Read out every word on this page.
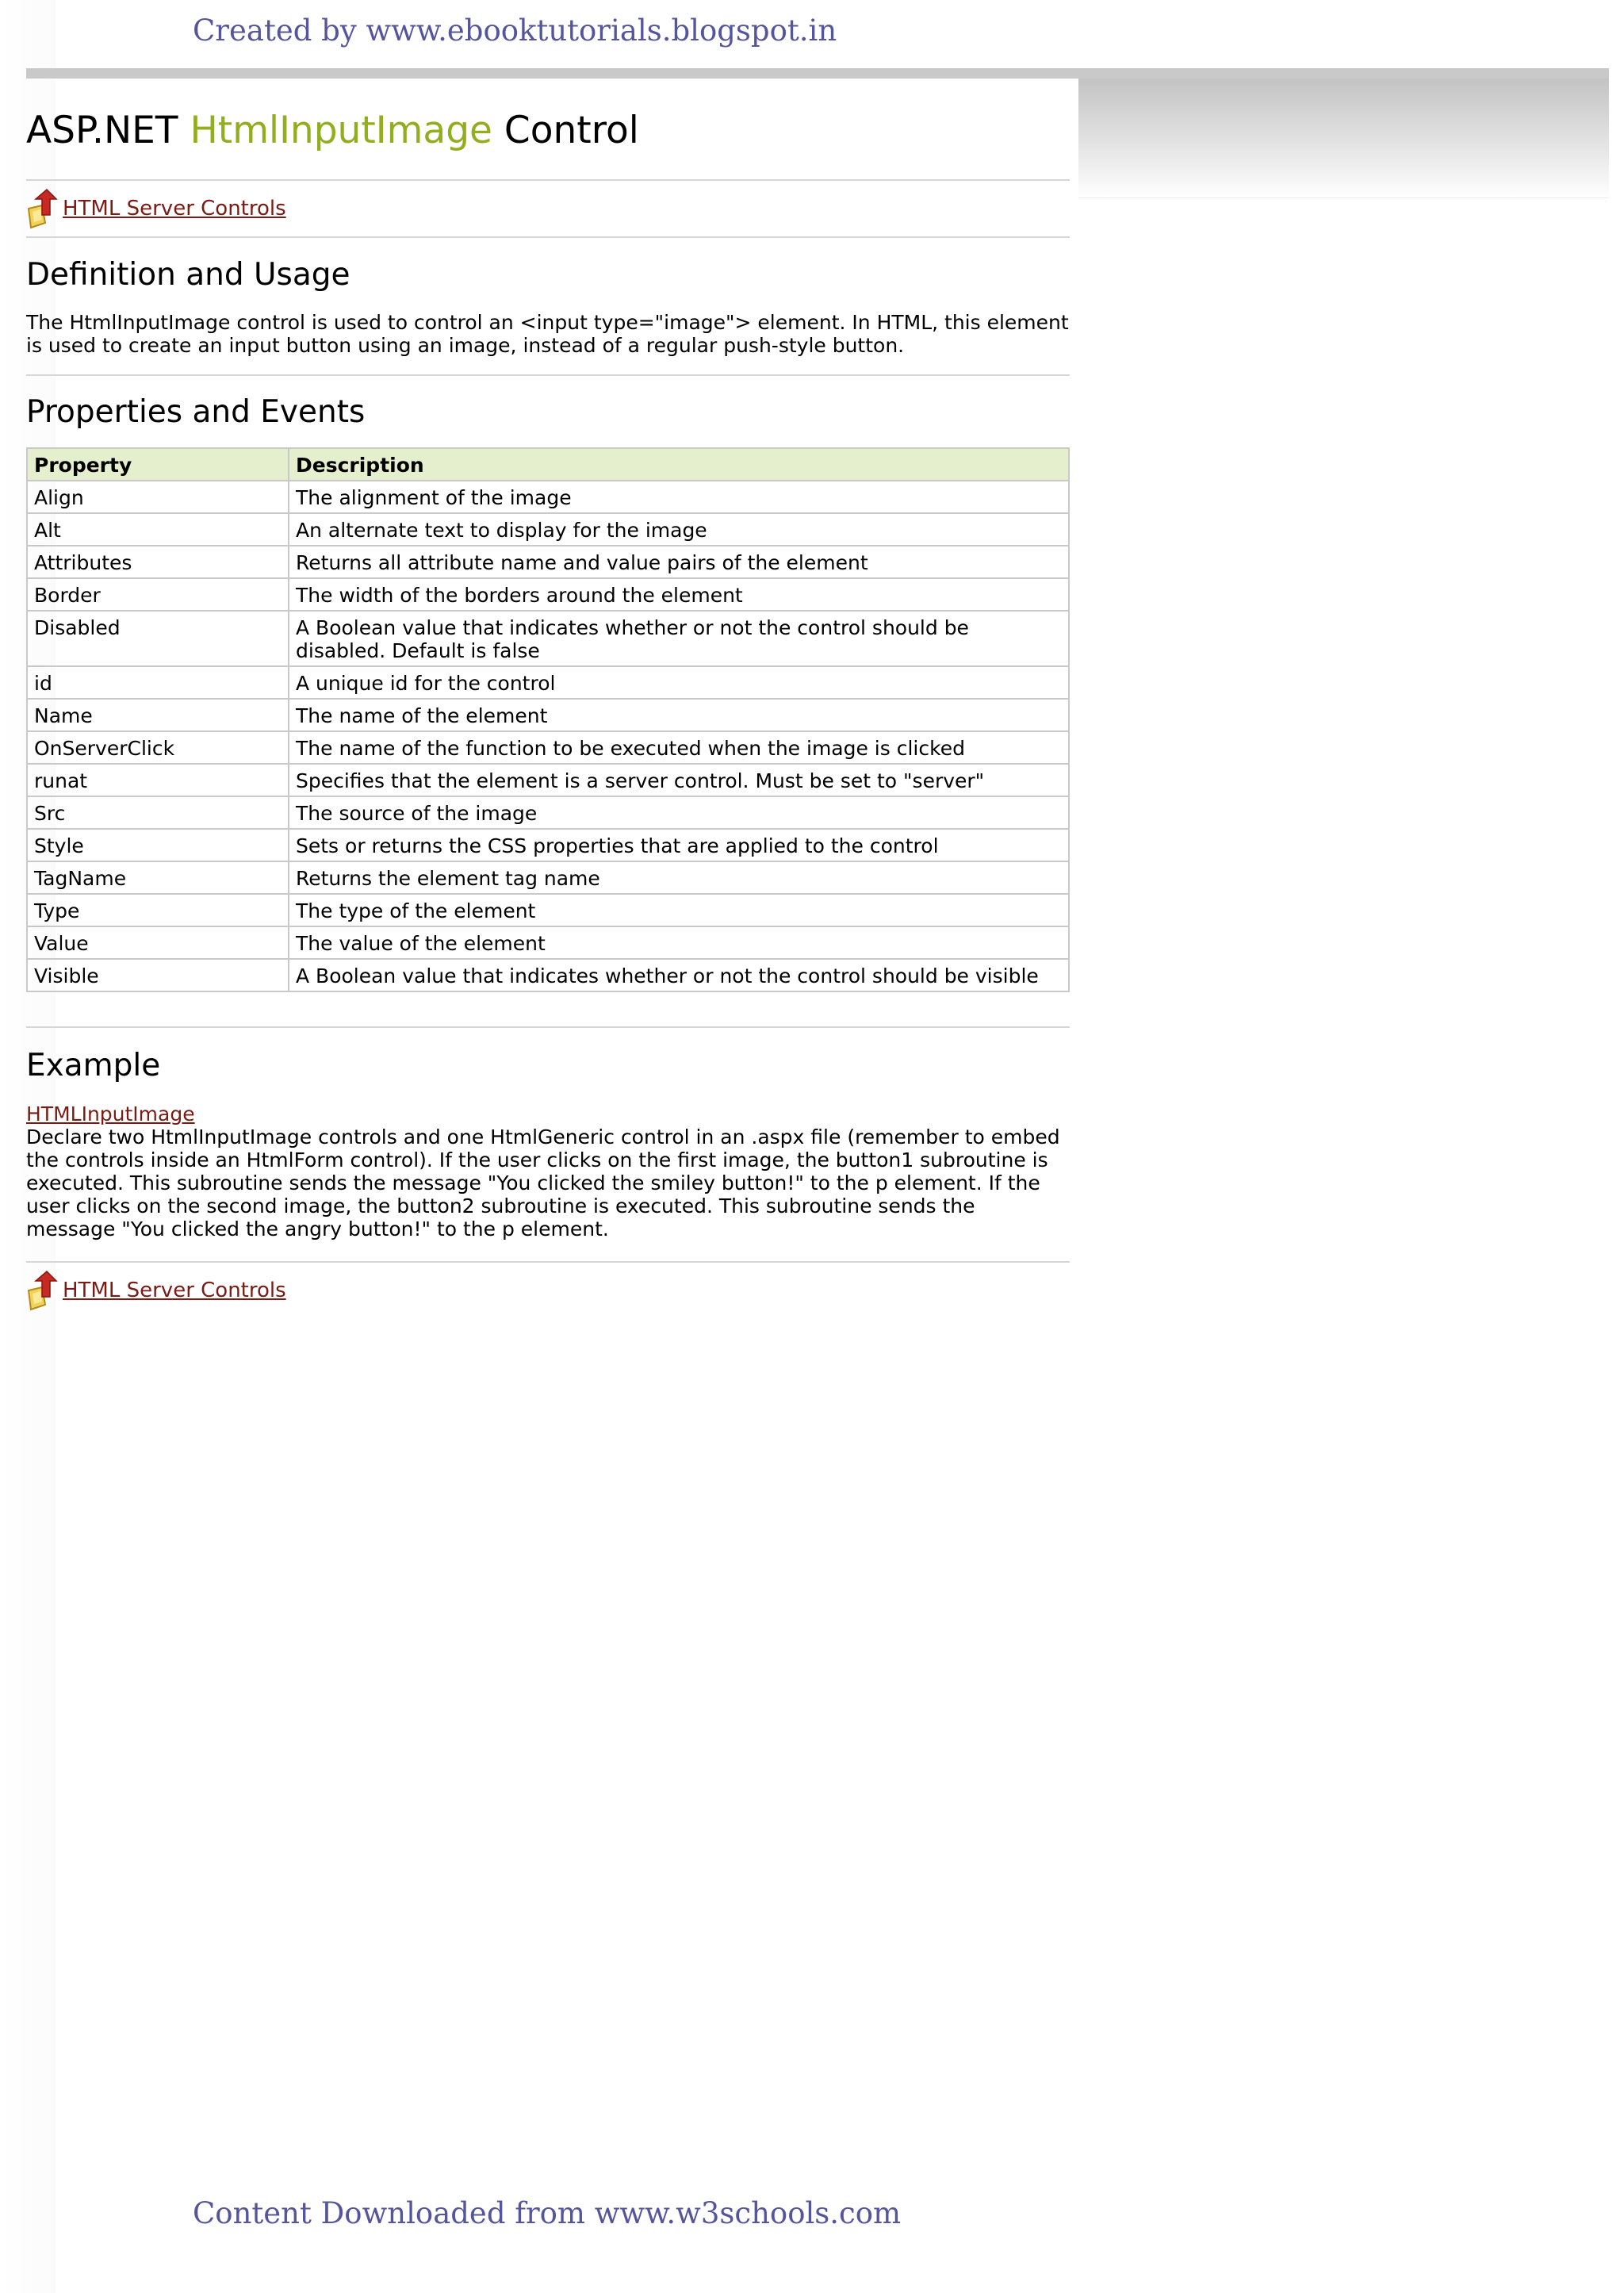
Created by www.ebooktutorials.blogspot.in

ASP.NET HtmlInputImage Control
HTML Server Controls
Definition and Usage

The HtmlInputImage control is used to control an <input type="image"> element. In HTML, this element is used to create an input button using an image, instead of a regular push-style button.

Properties and Events
Property	Description
Align	The alignment of the image
Alt	An alternate text to display for the image
Attributes	Returns all attribute name and value pairs of the element
Border	The width of the borders around the element
Disabled	A Boolean value that indicates whether or not the control should be disabled. Default is false
id	A unique id for the control
Name	The name of the element
OnServerClick	The name of the function to be executed when the image is clicked
runat	Specifies that the element is a server control. Must be set to "server"
Src	The source of the image
Style	Sets or returns the CSS properties that are applied to the control
TagName	Returns the element tag name
Type	The type of the element
Value	The value of the element
Visible	A Boolean value that indicates whether or not the control should be visible
Example
HTMLInputImage

Declare two HtmlInputImage controls and one HtmlGeneric control in an .aspx file (remember to embed the controls inside an HtmlForm control). If the user clicks on the first image, the button1 subroutine is executed. This subroutine sends the message "You clicked the smiley button!" to the p element. If the user clicks on the second image, the button2 subroutine is executed. This subroutine sends the message "You clicked the angry button!" to the p element.

HTML Server Controls

Content Downloaded from www.w3schools.com
